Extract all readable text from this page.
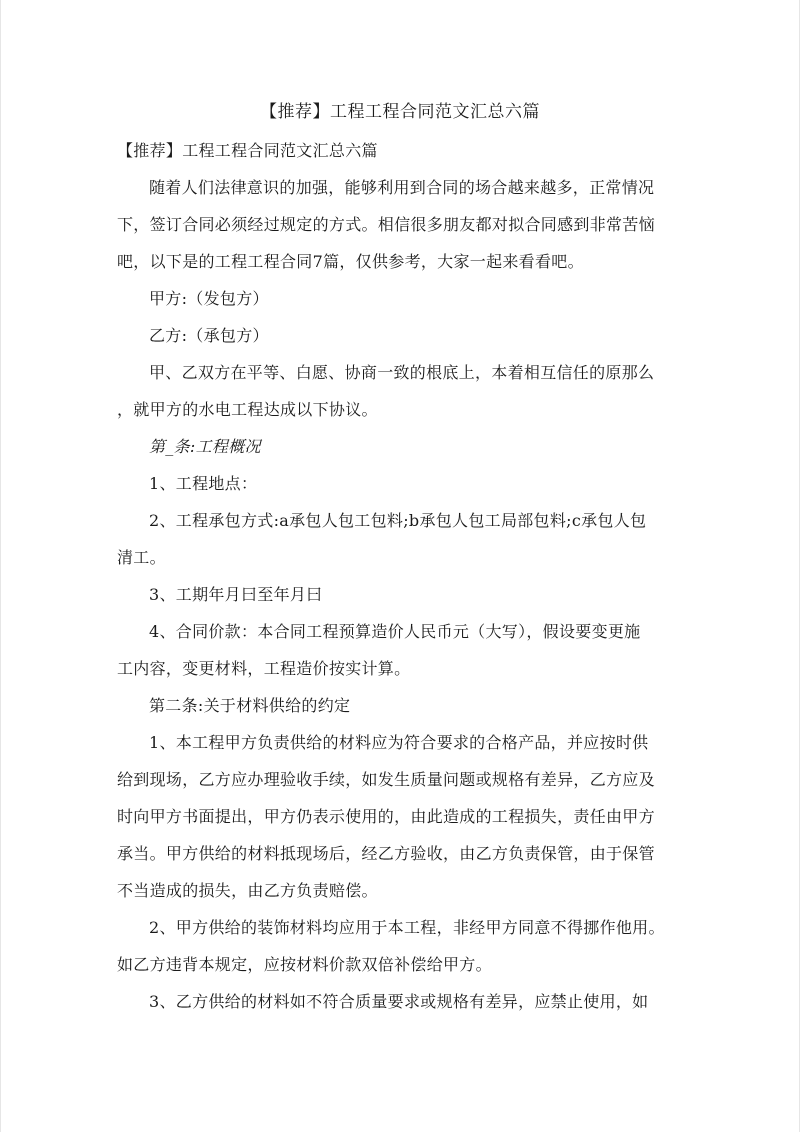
【推荐】工程工程合同范文汇总六篇

【推荐】工程工程合同范文汇总六篇

随着人们法律意识的加强，能够利用到合同的场合越来越多，正常情况
下，签订合同必须经过规定的方式。相信很多朋友都对拟合同感到非常苦恼
吧，以下是的工程工程合同7篇，仅供参考，大家一起来看看吧。

甲方:（发包方）

乙方:（承包方）

甲、乙双方在平等、白愿、协商一致的根底上，本着相互信任的原那么
，就甲方的水电工程达成以下协议。

第_条:工程概况

1、工程地点：

2、工程承包方式:a承包人包工包料;b承包人包工局部包料;c承包人包
清工。

3、工期年月曰至年月曰

4、合同价款：本合同工程预算造价人民币元（大写），假设要变更施
工内容，变更材料，工程造价按实计算。

第二条:关于材料供给的约定

1、本工程甲方负责供给的材料应为符合要求的合格产品，并应按时供
给到现场，乙方应办理验收手续，如发生质量问题或规格有差异，乙方应及
时向甲方书面提出，甲方仍表示使用的，由此造成的工程损失，责任由甲方
承当。甲方供给的材料抵现场后，经乙方验收，由乙方负责保管，由于保管
不当造成的损失，由乙方负责赔偿。

2、甲方供给的装饰材料均应用于本工程，非经甲方同意不得挪作他用。
如乙方违背本规定，应按材料价款双倍补偿给甲方。

3、乙方供给的材料如不符合质量要求或规格有差异，应禁止使用，如
